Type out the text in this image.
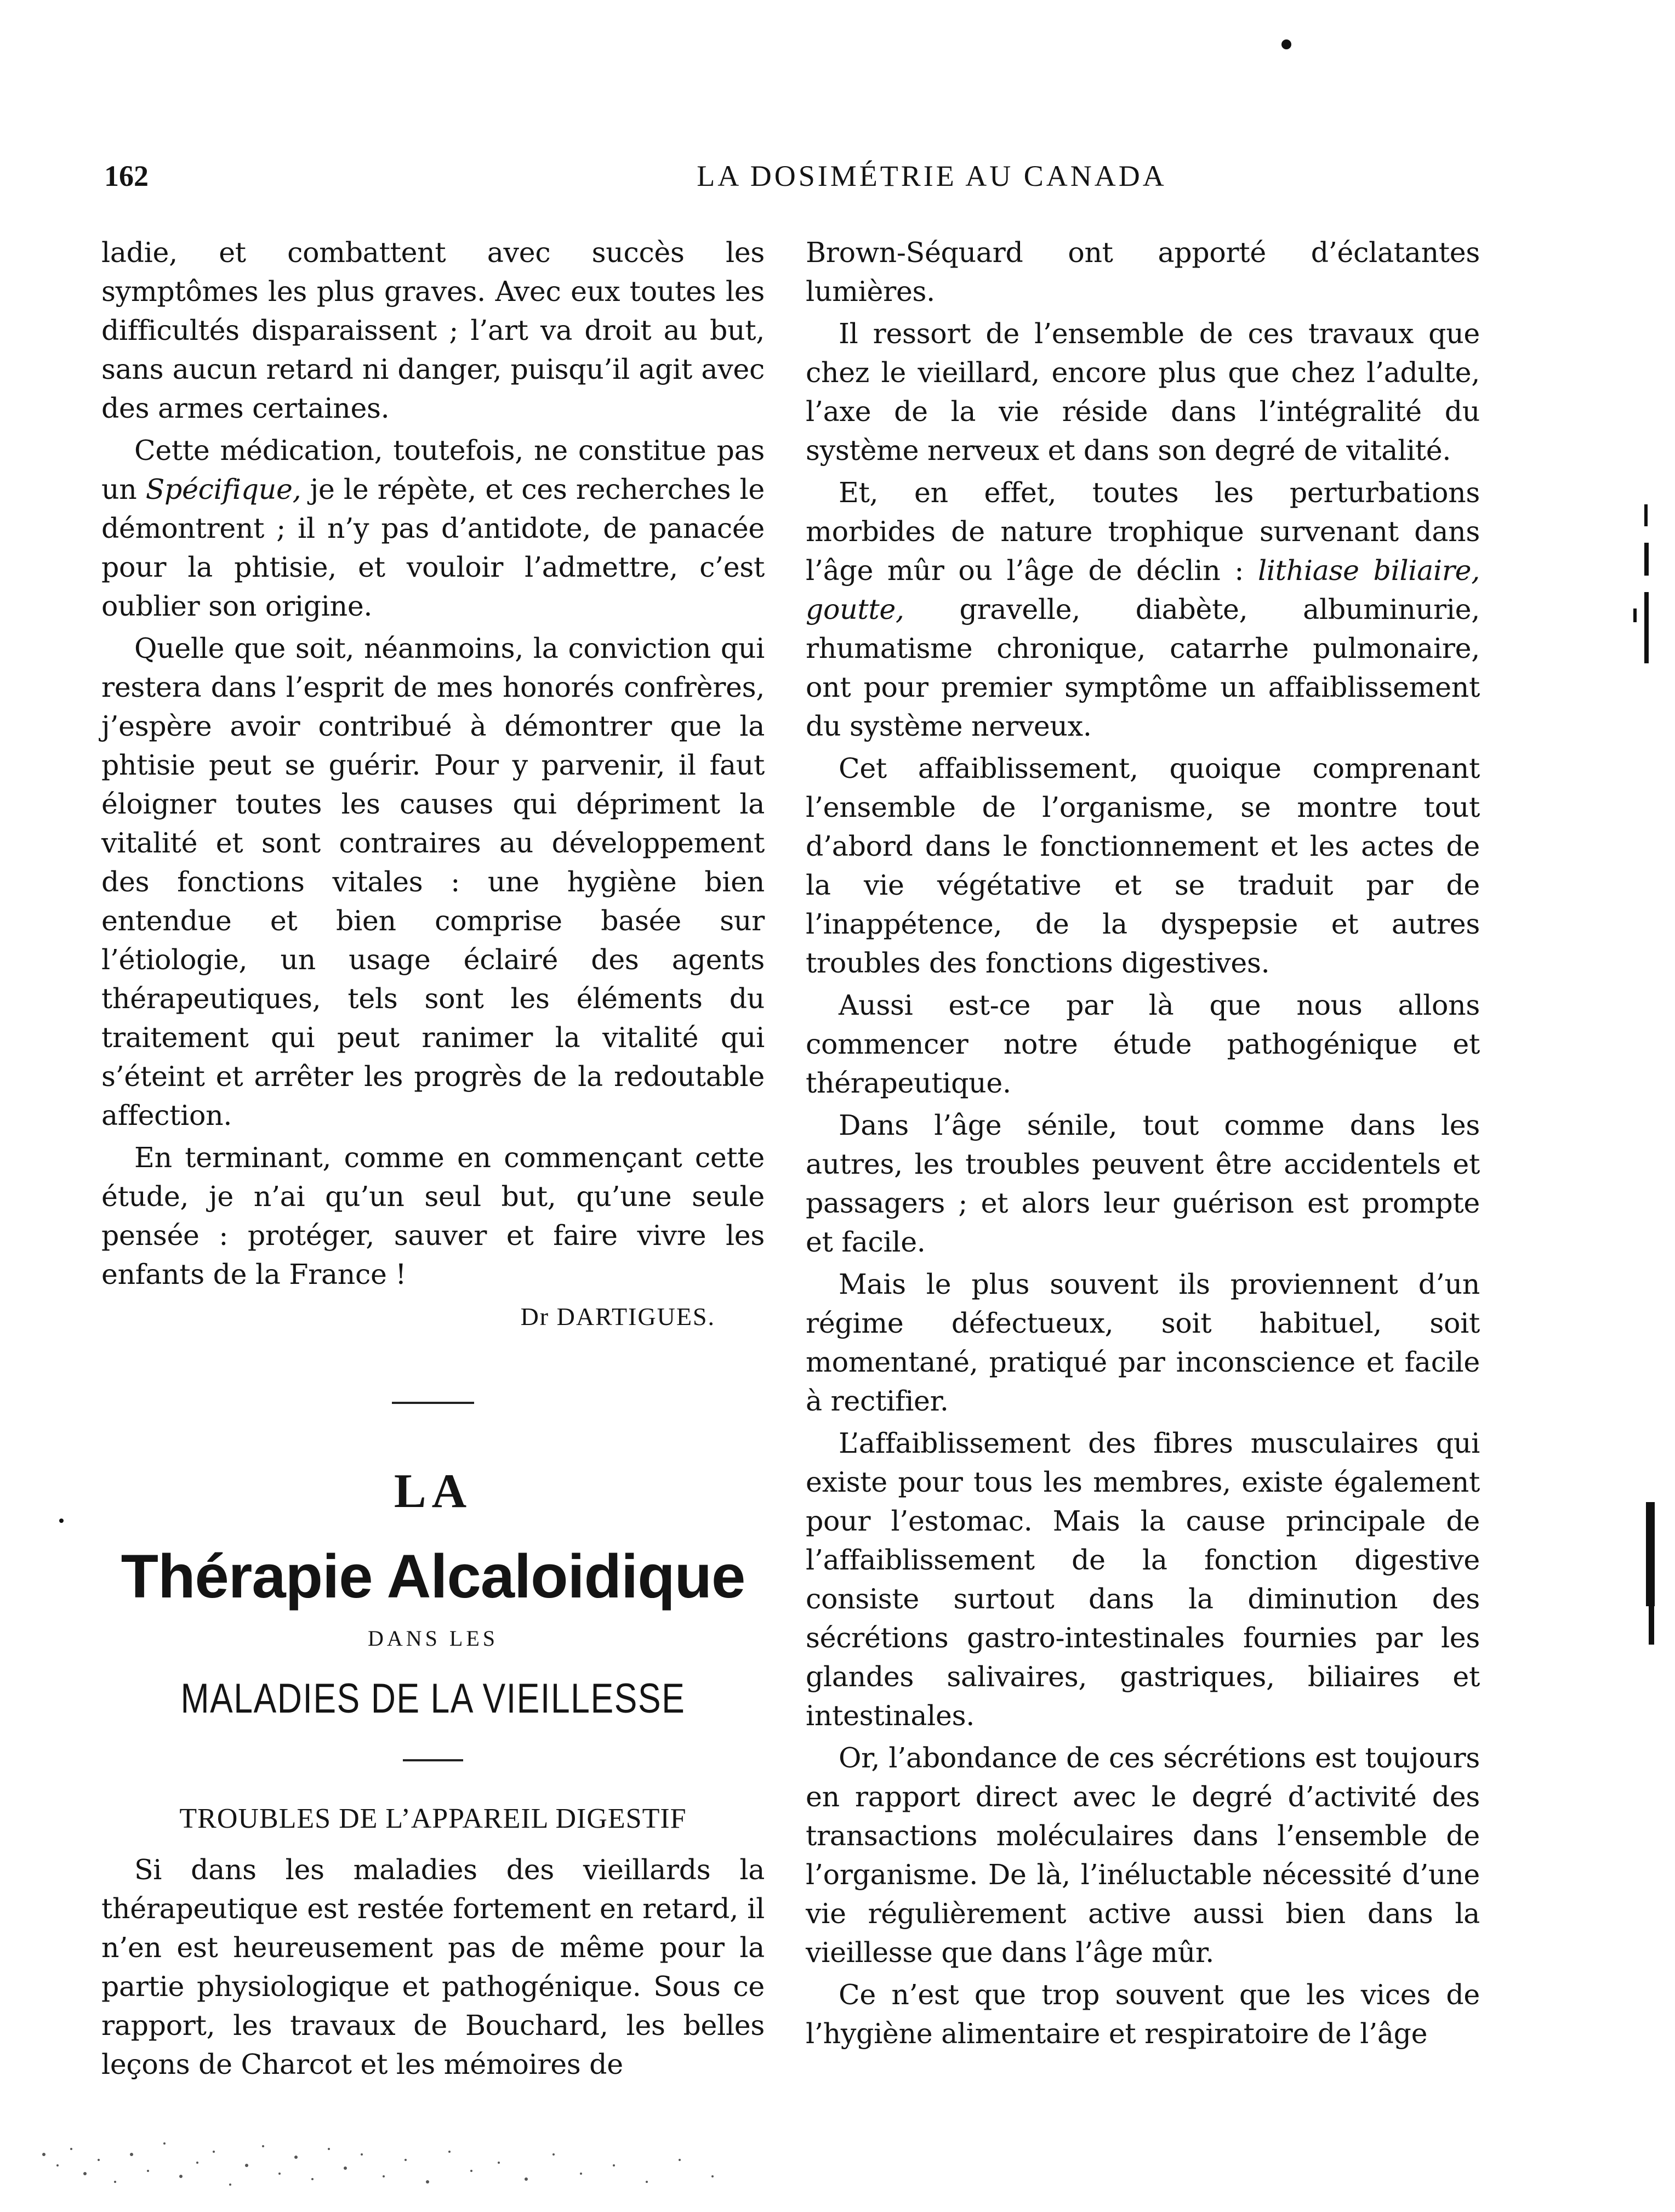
162	LA DOSIMÉTRIE AU CANADA

ladie, et combattent avec succès les symptômes les plus graves. Avec eux toutes les difficultés disparaissent ; l’art va droit au but, sans aucun retard ni danger, puisqu’il agit avec des armes certaines.

Cette médication, toutefois, ne constitue pas un Spécifique, je le répète, et ces recherches le démontrent ; il n’y pas d’antidote, de panacée pour la phtisie, et vouloir l’admettre, c’est oublier son origine.

Quelle que soit, néanmoins, la conviction qui restera dans l’esprit de mes honorés confrères, j’espère avoir contribué à démontrer que la phtisie peut se guérir. Pour y parvenir, il faut éloigner toutes les causes qui dépriment la vitalité et sont contraires au développement des fonctions vitales : une hygiène bien entendue et bien comprise basée sur l’étiologie, un usage éclairé des agents thérapeutiques, tels sont les éléments du traitement qui peut ranimer la vitalité qui s’éteint et arrêter les progrès de la redoutable affection.

En terminant, comme en commençant cette étude, je n’ai qu’un seul but, qu’une seule pensée : protéger, sauver et faire vivre les enfants de la France !

Dr DARTIGUES.
LA
Thérapie Alcaloidique
DANS LES
MALADIES DE LA VIEILLESSE
TROUBLES DE L’APPAREIL DIGESTIF

Si dans les maladies des vieillards la thérapeutique est restée fortement en retard, il n’en est heureusement pas de même pour la partie physiologique et pathogénique. Sous ce rapport, les travaux de Bouchard, les belles leçons de Charcot et les mémoires de

Brown-Séquard ont apporté d’éclatantes lumières.

Il ressort de l’ensemble de ces travaux que chez le vieillard, encore plus que chez l’adulte, l’axe de la vie réside dans l’intégralité du système nerveux et dans son degré de vitalité.

Et, en effet, toutes les perturbations morbides de nature trophique survenant dans l’âge mûr ou l’âge de déclin : lithiase biliaire, goutte, gravelle, diabète, albuminurie, rhumatisme chronique, catarrhe pulmonaire, ont pour premier symptôme un affaiblissement du système nerveux.

Cet affaiblissement, quoique comprenant l’ensemble de l’organisme, se montre tout d’abord dans le fonctionnement et les actes de la vie végétative et se traduit par de l’inappétence, de la dyspepsie et autres troubles des fonctions digestives.

Aussi est-ce par là que nous allons commencer notre étude pathogénique et thérapeutique.

Dans l’âge sénile, tout comme dans les autres, les troubles peuvent être accidentels et passagers ; et alors leur guérison est prompte et facile.

Mais le plus souvent ils proviennent d’un régime défectueux, soit habituel, soit momentané, pratiqué par inconscience et facile à rectifier.

L’affaiblissement des fibres musculaires qui existe pour tous les membres, existe également pour l’estomac. Mais la cause principale de l’affaiblissement de la fonction digestive consiste surtout dans la diminution des sécrétions gastro-intestinales fournies par les glandes salivaires, gastriques, biliaires et intestinales.

Or, l’abondance de ces sécrétions est toujours en rapport direct avec le degré d’activité des transactions moléculaires dans l’ensemble de l’organisme. De là, l’inéluctable nécessité d’une vie régulièrement active aussi bien dans la vieillesse que dans l’âge mûr.

Ce n’est que trop souvent que les vices de l’hygiène alimentaire et respiratoire de l’âge
